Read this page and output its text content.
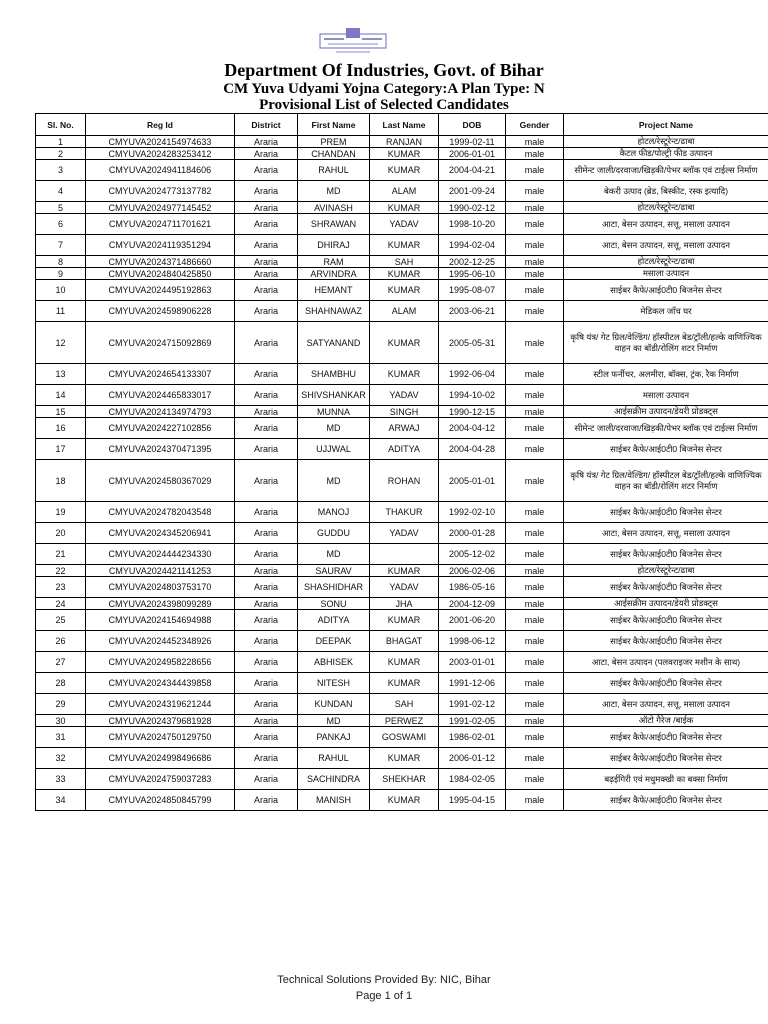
Department Of Industries, Govt. of Bihar
CM Yuva Udyami Yojna Category:A Plan Type: N
Provisional List of Selected Candidates
Sl. No.	Reg Id	District	First Name	Last Name	DOB	Gender	Project Name
1	CMYUVA2024154974633	Araria	PREM	RANJAN	1999-02-11	male	होटल/रेस्टूरेन्ट/ढाबा
2	CMYUVA2024283253412	Araria	CHANDAN	KUMAR	2006-01-01	male	कैटल फीड/पोल्ट्री फीड उत्पादन
3	CMYUVA2024941184606	Araria	RAHUL	KUMAR	2004-04-21	male	सीमेन्ट जाली/दरवाजा/खिड़की/पेभर ब्लॉक एवं टाईल्स निर्माण
4	CMYUVA2024773137782	Araria	MD	ALAM	2001-09-24	male	बेकरी उत्पाद (ब्रेड, बिस्कीट, रस्क इत्यादि)
5	CMYUVA2024977145452	Araria	AVINASH	KUMAR	1990-02-12	male	होटल/रेस्टूरेन्ट/ढाबा
6	CMYUVA2024711701621	Araria	SHRAWAN	YADAV	1998-10-20	male	आटा, बेसन उत्पादन, सत्तू, मसाला उत्पादन
7	CMYUVA2024119351294	Araria	DHIRAJ	KUMAR	1994-02-04	male	आटा, बेसन उत्पादन, सत्तू, मसाला उत्पादन
8	CMYUVA2024371486660	Araria	RAM	SAH	2002-12-25	male	होटल/रेस्टूरेन्ट/ढाबा
9	CMYUVA2024840425850	Araria	ARVINDRA	KUMAR	1995-06-10	male	मसाला उत्पादन
10	CMYUVA2024495192863	Araria	HEMANT	KUMAR	1995-08-07	male	साईबर कैफे/आई0टी0 बिजनेस सेन्टर
11	CMYUVA2024598906228	Araria	SHAHNAWAZ	ALAM	2003-06-21	male	मेडिकल जाँच घर
12	CMYUVA2024715092869	Araria	SATYANAND	KUMAR	2005-05-31	male	कृषि यंत्र/ गेट ग्रिल/वेल्डिंग/ हॉस्पीटल बेड/ट्रॉली/हल्के वाणिज्यिक वाहन का बॉडी/रोलिंग शटर निर्माण
13	CMYUVA2024654133307	Araria	SHAMBHU	KUMAR	1992-06-04	male	स्टील फर्नीचर, अलमीरा, बॉक्स, ट्रंक, रैक निर्माण
14	CMYUVA2024465833017	Araria	SHIVSHANKAR	YADAV	1994-10-02	male	मसाला उत्पादन
15	CMYUVA2024134974793	Araria	MUNNA	SINGH	1990-12-15	male	आईसक्रीम उत्पादन/डेयरी प्रोडक्ट्स
16	CMYUVA2024227102856	Araria	MD	ARWAJ	2004-04-12	male	सीमेन्ट जाली/दरवाजा/खिड़की/पेभर ब्लॉक एवं टाईल्स निर्माण
17	CMYUVA2024370471395	Araria	UJJWAL	ADITYA	2004-04-28	male	साईबर कैफे/आई0टी0 बिजनेस सेन्टर
18	CMYUVA2024580367029	Araria	MD	ROHAN	2005-01-01	male	कृषि यंत्र/ गेट ग्रिल/वेल्डिंग/ हॉस्पीटल बेड/ट्रॉली/हल्के वाणिज्यिक वाहन का बॉडी/रोलिंग शटर निर्माण
19	CMYUVA2024782043548	Araria	MANOJ	THAKUR	1992-02-10	male	साईबर कैफे/आई0टी0 बिजनेस सेन्टर
20	CMYUVA2024345206941	Araria	GUDDU	YADAV	2000-01-28	male	आटा, बेसन उत्पादन, सत्तू, मसाला उत्पादन
21	CMYUVA2024444234330	Araria	MD		2005-12-02	male	साईबर कैफे/आई0टी0 बिजनेस सेन्टर
22	CMYUVA2024421141253	Araria	SAURAV	KUMAR	2006-02-06	male	होटल/रेस्टूरेन्ट/ढाबा
23	CMYUVA2024803753170	Araria	SHASHIDHAR	YADAV	1986-05-16	male	साईबर कैफे/आई0टी0 बिजनेस सेन्टर
24	CMYUVA2024398099289	Araria	SONU	JHA	2004-12-09	male	आईसक्रीम उत्पादन/डेयरी प्रोडक्ट्स
25	CMYUVA2024154694988	Araria	ADITYA	KUMAR	2001-06-20	male	साईबर कैफे/आई0टी0 बिजनेस सेन्टर
26	CMYUVA2024452348926	Araria	DEEPAK	BHAGAT	1998-06-12	male	साईबर कैफे/आई0टी0 बिजनेस सेन्टर
27	CMYUVA2024958228656	Araria	ABHISEK	KUMAR	2003-01-01	male	आटा, बेसन उत्पादन (पलवराइजर मशीन के साथ)
28	CMYUVA2024344439858	Araria	NITESH	KUMAR	1991-12-06	male	साईबर कैफे/आई0टी0 बिजनेस सेन्टर
29	CMYUVA2024319621244	Araria	KUNDAN	SAH	1991-02-12	male	आटा, बेसन उत्पादन, सत्तू, मसाला उत्पादन
30	CMYUVA2024379681928	Araria	MD	PERWEZ	1991-02-05	male	ऑटो गैरेज /बाईक
31	CMYUVA2024750129750	Araria	PANKAJ	GOSWAMI	1986-02-01	male	साईबर कैफे/आई0टी0 बिजनेस सेन्टर
32	CMYUVA2024998496686	Araria	RAHUL	KUMAR	2006-01-12	male	साईबर कैफे/आई0टी0 बिजनेस सेन्टर
33	CMYUVA2024759037283	Araria	SACHINDRA	SHEKHAR	1984-02-05	male	बढ़ईगिरी एवं मधुमक्खी का बक्सा निर्माण
34	CMYUVA2024850845799	Araria	MANISH	KUMAR	1995-04-15	male	साईबर कैफे/आई0टी0 बिजनेस सेन्टर
Technical Solutions Provided By: NIC, Bihar
Page 1 of 1
